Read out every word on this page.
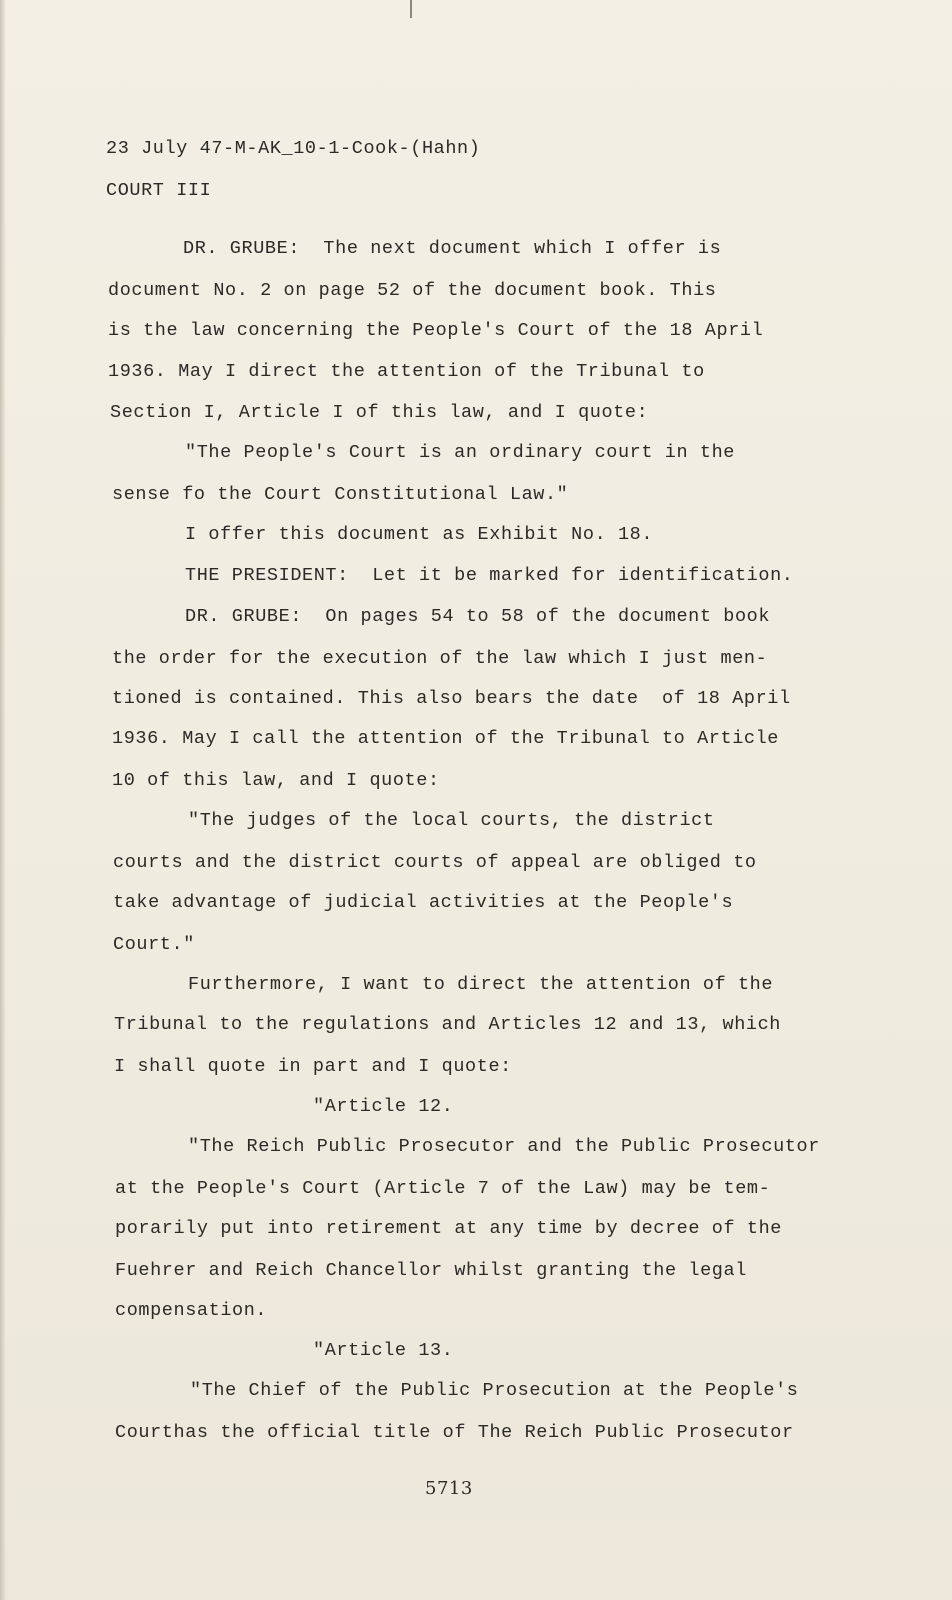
23 July 47-M-AK_10-1-Cook-(Hahn)
COURT III
DR. GRUBE:  The next document which I offer is
document No. 2 on page 52 of the document book. This
is the law concerning the People's Court of the 18 April
1936. May I direct the attention of the Tribunal to
Section I, Article I of this law, and I quote:
"The People's Court is an ordinary court in the
sense fo the Court Constitutional Law."
I offer this document as Exhibit No. 18.
THE PRESIDENT:  Let it be marked for identification.
DR. GRUBE:  On pages 54 to 58 of the document book
the order for the execution of the law which I just men-
tioned is contained. This also bears the date  of 18 April
1936. May I call the attention of the Tribunal to Article
10 of this law, and I quote:
"The judges of the local courts, the district
courts and the district courts of appeal are obliged to
take advantage of judicial activities at the People's
Court."
Furthermore, I want to direct the attention of the
Tribunal to the regulations and Articles 12 and 13, which
I shall quote in part and I quote:
"Article 12.
"The Reich Public Prosecutor and the Public Prosecutor
at the People's Court (Article 7 of the Law) may be tem-
porarily put into retirement at any time by decree of the
Fuehrer and Reich Chancellor whilst granting the legal
compensation.
"Article 13.
"The Chief of the Public Prosecution at the People's
Courthas the official title of The Reich Public Prosecutor
5713
